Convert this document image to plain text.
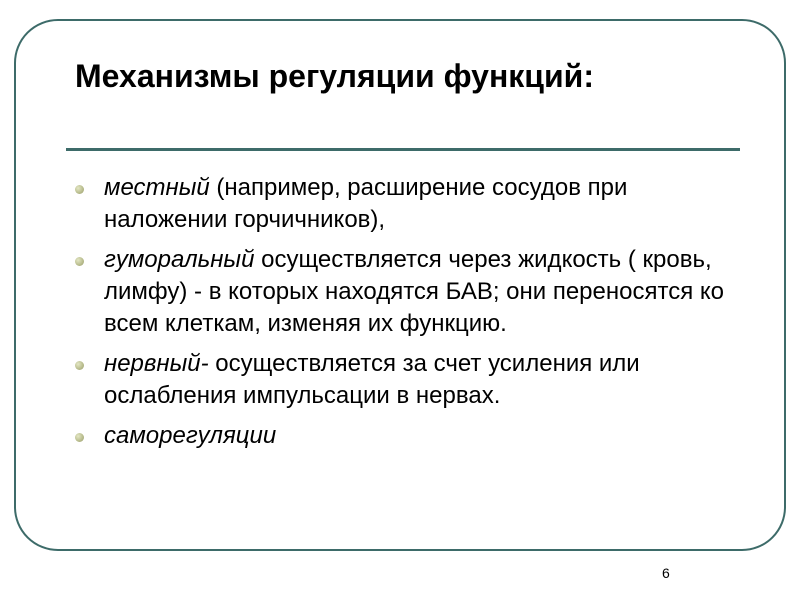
Механизмы регуляции функций:
местный (например, расширение сосудов при наложении горчичников),
гуморальный осуществляется через жидкость ( кровь, лимфу) - в которых находятся БАВ; они переносятся ко всем клеткам, изменяя их функцию.
нервный- осуществляется за счет усиления или ослабления импульсации в нервах.
саморегуляции
6
